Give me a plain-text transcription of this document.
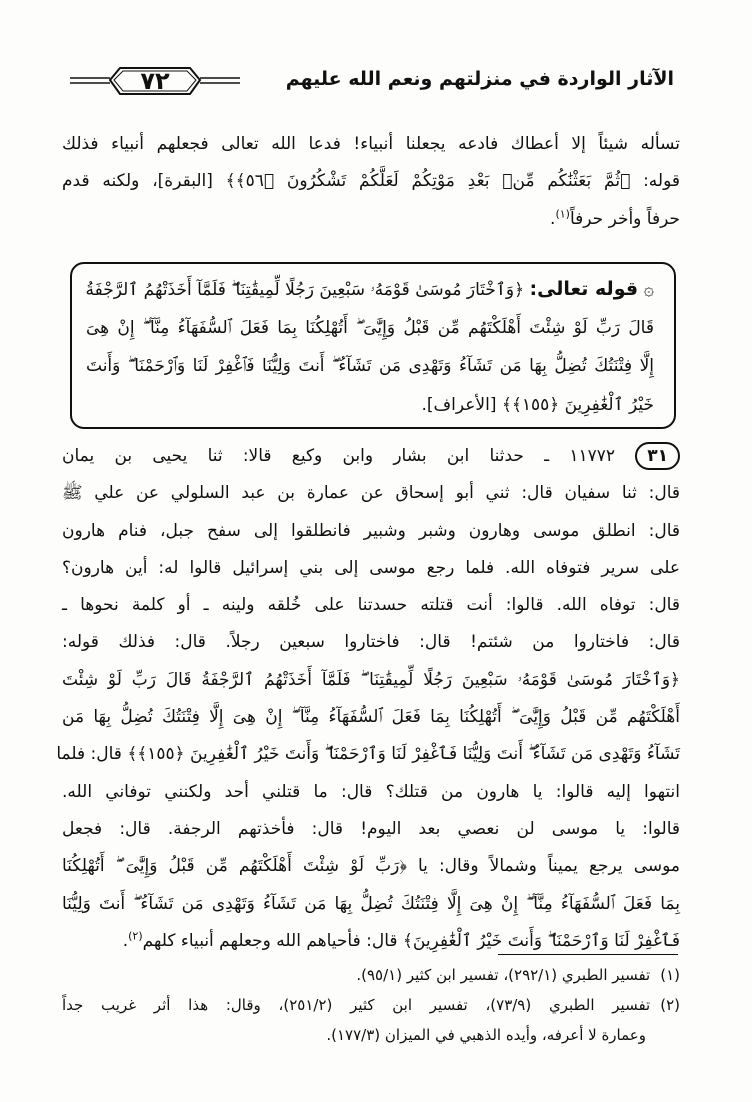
الآثار الواردة في منزلتهم ونعم الله عليهم
٧٢
تسأله شيئاً إلا أعطاك فادعه يجعلنا أنبياء! فدعا الله تعالى فجعلهم أنبياء فذلك
قوله: ﴿ثُمَّ بَعَثْنَٰكُم مِّنۢ بَعْدِ مَوْتِكُمْ لَعَلَّكُمْ تَشْكُرُونَ ﴿٥٦﴾﴾ [البقرة]، ولكنه قدم
حرفاً وأخر حرفاً$^{(١)}$.
۞ قوله تعالى: ﴿وَٱخْتَارَ مُوسَىٰ قَوْمَهُۥ سَبْعِينَ رَجُلًا لِّمِيقَٰتِنَا ۖ فَلَمَّآ أَخَذَتْهُمُ ٱلرَّجْفَةُ
قَالَ رَبِّ لَوْ شِئْتَ أَهْلَكْتَهُم مِّن قَبْلُ وَإِيَّٰىَ ۖ أَتُهْلِكُنَا بِمَا فَعَلَ ٱلسُّفَهَآءُ مِنَّآ ۖ إِنْ هِىَ
إِلَّا فِتْنَتُكَ تُضِلُّ بِهَا مَن تَشَآءُ وَتَهْدِى مَن تَشَآءُ ۖ أَنتَ وَلِيُّنَا فَٱغْفِرْ لَنَا وَٱرْحَمْنَا ۖ وَأَنتَ
خَيْرُ ٱلْغَٰفِرِينَ ﴿١٥٥﴾﴾ [الأعراف].
٣١ ١١٧٧٢ ـ حدثنا ابن بشار وابن وكيع قالا: ثنا يحيى بن يمان
قال: ثنا سفيان قال: ثني أبو إسحاق عن عمارة بن عبد السلولي عن علي ﷺ
قال: انطلق موسى وهارون وشبر وشبير فانطلقوا إلى سفح جبل، فنام هارون
على سرير فتوفاه الله. فلما رجع موسى إلى بني إسرائيل قالوا له: أين هارون؟
قال: توفاه الله. قالوا: أنت قتلته حسدتنا على خُلقه ولينه ـ أو كلمة نحوها ـ
قال: فاختاروا من شئتم! قال: فاختاروا سبعين رجلاً. قال: فذلك قوله:
﴿وَٱخْتَارَ مُوسَىٰ قَوْمَهُۥ سَبْعِينَ رَجُلًا لِّمِيقَٰتِنَا ۖ فَلَمَّآ أَخَذَتْهُمُ ٱلرَّجْفَةُ قَالَ رَبِّ لَوْ شِئْتَ
أَهْلَكْتَهُم مِّن قَبْلُ وَإِيَّٰىَ ۖ أَتُهْلِكُنَا بِمَا فَعَلَ ٱلسُّفَهَآءُ مِنَّآ ۖ إِنْ هِىَ إِلَّا فِتْنَتُكَ تُضِلُّ بِهَا مَن
تَشَآءُ وَتَهْدِى مَن تَشَآءُ ۖ أَنتَ وَلِيُّنَا فَٱغْفِرْ لَنَا وَٱرْحَمْنَا ۖ وَأَنتَ خَيْرُ ٱلْغَٰفِرِينَ ﴿١٥٥﴾﴾ قال: فلما
انتهوا إليه قالوا: يا هارون من قتلك؟ قال: ما قتلني أحد ولكنني توفاني الله.
قالوا: يا موسى لن نعصي بعد اليوم! قال: فأخذتهم الرجفة. قال: فجعل
موسى يرجع يميناً وشمالاً وقال: يا ﴿رَبِّ لَوْ شِئْتَ أَهْلَكْتَهُم مِّن قَبْلُ وَإِيَّٰىَ ۖ أَتُهْلِكُنَا
بِمَا فَعَلَ ٱلسُّفَهَآءُ مِنَّآ ۖ إِنْ هِىَ إِلَّا فِتْنَتُكَ تُضِلُّ بِهَا مَن تَشَآءُ وَتَهْدِى مَن تَشَآءُ ۖ أَنتَ وَلِيُّنَا
فَٱغْفِرْ لَنَا وَٱرْحَمْنَا ۖ وَأَنتَ خَيْرُ ٱلْغَٰفِرِينَ﴾ قال: فأحياهم الله وجعلهم أنبياء كلهم$^{(٢)}$.
(١)تفسير الطبري (٢٩٢/١)، تفسير ابن كثير (٩٥/١).
(٢)تفسير الطبري (٧٣/٩)، تفسير ابن كثير (٢٥١/٢)، وقال: هذا أثر غريب جداً
وعمارة لا أعرفه، وأيده الذهبي في الميزان (١٧٧/٣).
